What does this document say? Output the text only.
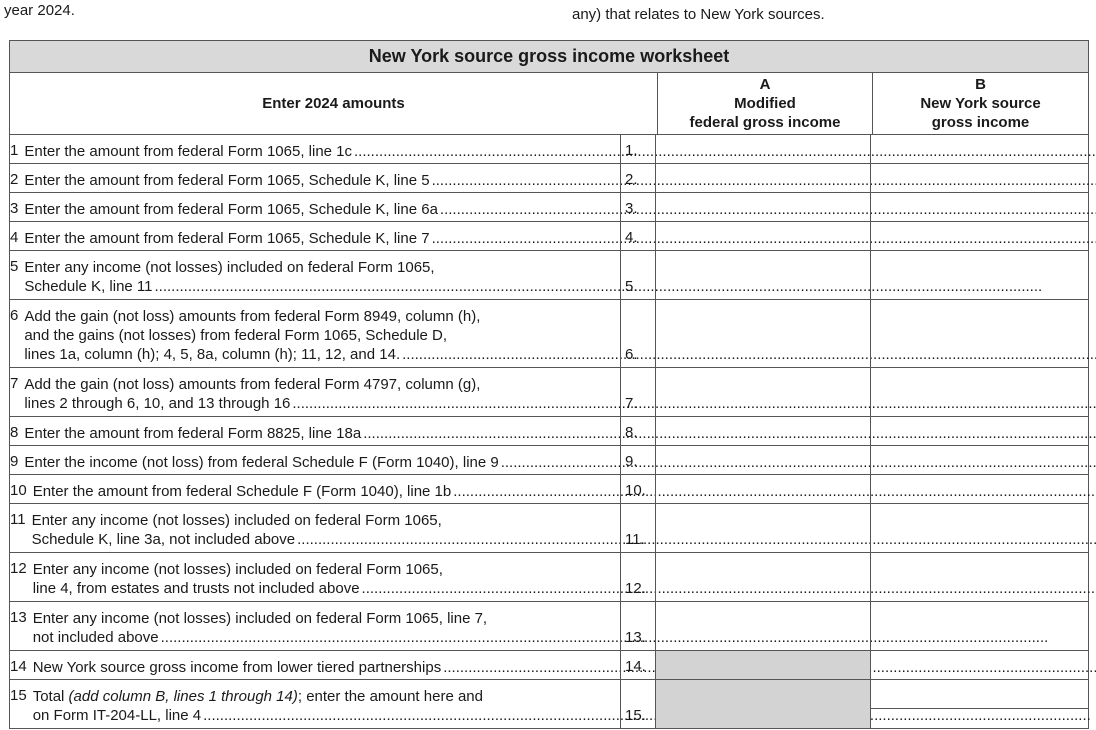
year 2024.	any) that relates to New York sources.
New York source gross income worksheet
Enter 2024 amounts
A
Modified
federal gross income
B
New York source
gross income
1 Enter the amount from federal Form 1065, line 1c .....	1.
2 Enter the amount from federal Form 1065, Schedule K, line 5 .....	2.
3 Enter the amount from federal Form 1065, Schedule K, line 6a .....	3.
4 Enter the amount from federal Form 1065, Schedule K, line 7 .....	4.
5 Enter any income (not losses) included on federal Form 1065,
Schedule K, line 11 .....	5.
6 Add the gain (not loss) amounts from federal Form 8949, column (h),
and the gains (not losses) from federal Form 1065, Schedule D,
lines 1a, column (h); 4, 5, 8a, column (h); 11, 12, and 14. .....	6.
7 Add the gain (not loss) amounts from federal Form 4797, column (g),
lines 2 through 6, 10, and 13 through 16 .....	7.
8 Enter the amount from federal Form 8825, line 18a .....	8.
9 Enter the income (not loss) from federal Schedule F (Form 1040), line 9 .....	9.
10 Enter the amount from federal Schedule F (Form 1040), line 1b .....	10.
11 Enter any income (not losses) included on federal Form 1065,
Schedule K, line 3a, not included above .....	11.
12 Enter any income (not losses) included on federal Form 1065,
line 4, from estates and trusts not included above .....	12.
13 Enter any income (not losses) included on federal Form 1065, line 7,
not included above .....	13.
14 New York source gross income from lower tiered partnerships .....	14.
15 Total (add column B, lines 1 through 14); enter the amount here and
on Form IT-204-LL, line 4 .....	15.
